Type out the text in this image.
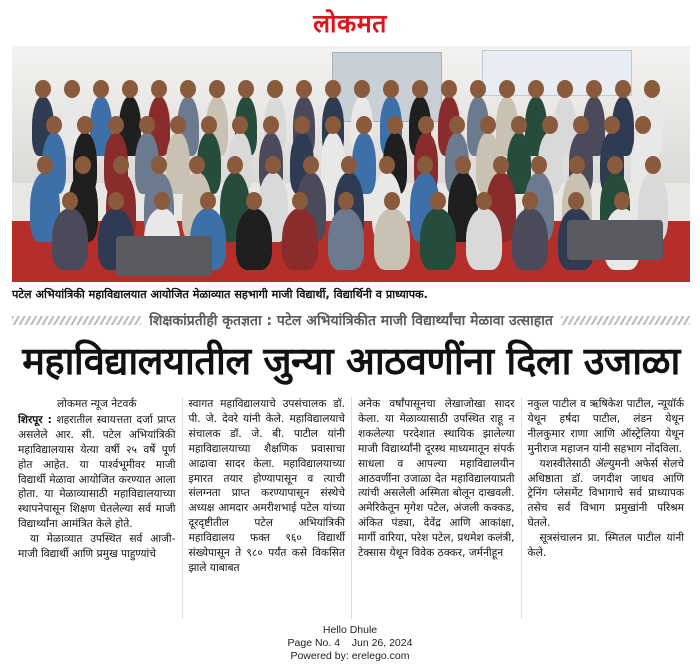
लोकमत
पटेल अभियांत्रिकी महाविद्यालयात आयोजित मेळाव्यात सहभागी माजी विद्यार्थी, विद्यार्थिनी व प्राध्यापक.
शिक्षकांप्रतीही कृतज्ञता : पटेल अभियांत्रिकीत माजी विद्यार्थ्यांचा मेळावा उत्साहात
महाविद्यालयातील जुन्या आठवणींना दिला उजाळा
लोकमत न्यूज नेटवर्क

शिरपूर : शहरातील स्वायत्तता दर्जा प्राप्त असलेले आर. सी. पटेल अभियांत्रिकी महाविद्यालयास येत्या वर्षी २५ वर्षे पूर्ण होत आहेत. या पार्श्वभूमीवर माजी विद्यार्थी मेळावा आयोजित करण्यात आला होता. या मेळाव्यासाठी महाविद्यालयाच्या स्थापनेपासून शिक्षण घेतलेल्या सर्व माजी विद्यार्थ्यांना आमंत्रित केले होते.

या मेळाव्यात उपस्थित सर्व आजी-माजी विद्यार्थी आणि प्रमुख पाहुण्यांचे

स्वागत महाविद्यालयाचे उपसंचालक डॉ. पी. जे. देवरे यांनी केले. महाविद्यालयाचे संचालक डॉ. जे. बी. पाटील यांनी महाविद्यालयाच्या शैक्षणिक प्रवासाचा आढावा सादर केला. महाविद्यालयाच्या इमारत तयार होण्यापासून व त्याची संलग्नता प्राप्त करण्यापासून संस्थेचे अध्यक्ष आमदार अमरीशभाई पटेल यांच्या दूरदृष्टीतील पटेल अभियांत्रिकी महाविद्यालय फक्त ९६० विद्यार्थी संख्येपासून ते ९८० पर्यंत कसे विकसित झाले याबाबत

अनेक वर्षांपासूनचा लेखाजोखा सादर केला. या मेळाव्यासाठी उपस्थित राहू न शकलेल्या परदेशात स्थायिक झालेल्या माजी विद्यार्थ्यांनी दूरस्थ माध्यमातून संपर्क साधला व आपल्या महाविद्यालयीन आठवणींना उजाळा देत महाविद्यालयाप्रती त्यांची असलेली अस्मिता बोलून दाखवली. अमेरिकेतून मृगेश पटेल, अंजली कक्कड, अंकित पंड्या, देवेंद्र आणि आकांक्षा, मार्गी वारिया, परेश पटेल, प्रथमेश कलंत्री, टेक्सास येथून विवेक ठक्कर, जर्मनीहून

नकुल पाटील व ऋषिकेश पाटील, न्यूयॉर्क येथून हर्षदा पाटील, लंडन येथून नीलकुमार राणा आणि ऑस्ट्रेलिया येथून मुनीराज महाजन यांनी सहभाग नोंदविला.

यशस्वीतेसाठी ॲल्युमनी अफेर्स सेलचे अधिष्ठाता डॉ. जगदीश जाधव आणि ट्रेनिंग प्लेसमेंट विभागाचे सर्व प्राध्यापक तसेच सर्व विभाग प्रमुखांनी परिश्रम घेतले.

सूत्रसंचालन प्रा. स्मितल पाटील यांनी केले.

Hello Dhule
Page No. 4    Jun 26, 2024
Powered by: erelego.com
